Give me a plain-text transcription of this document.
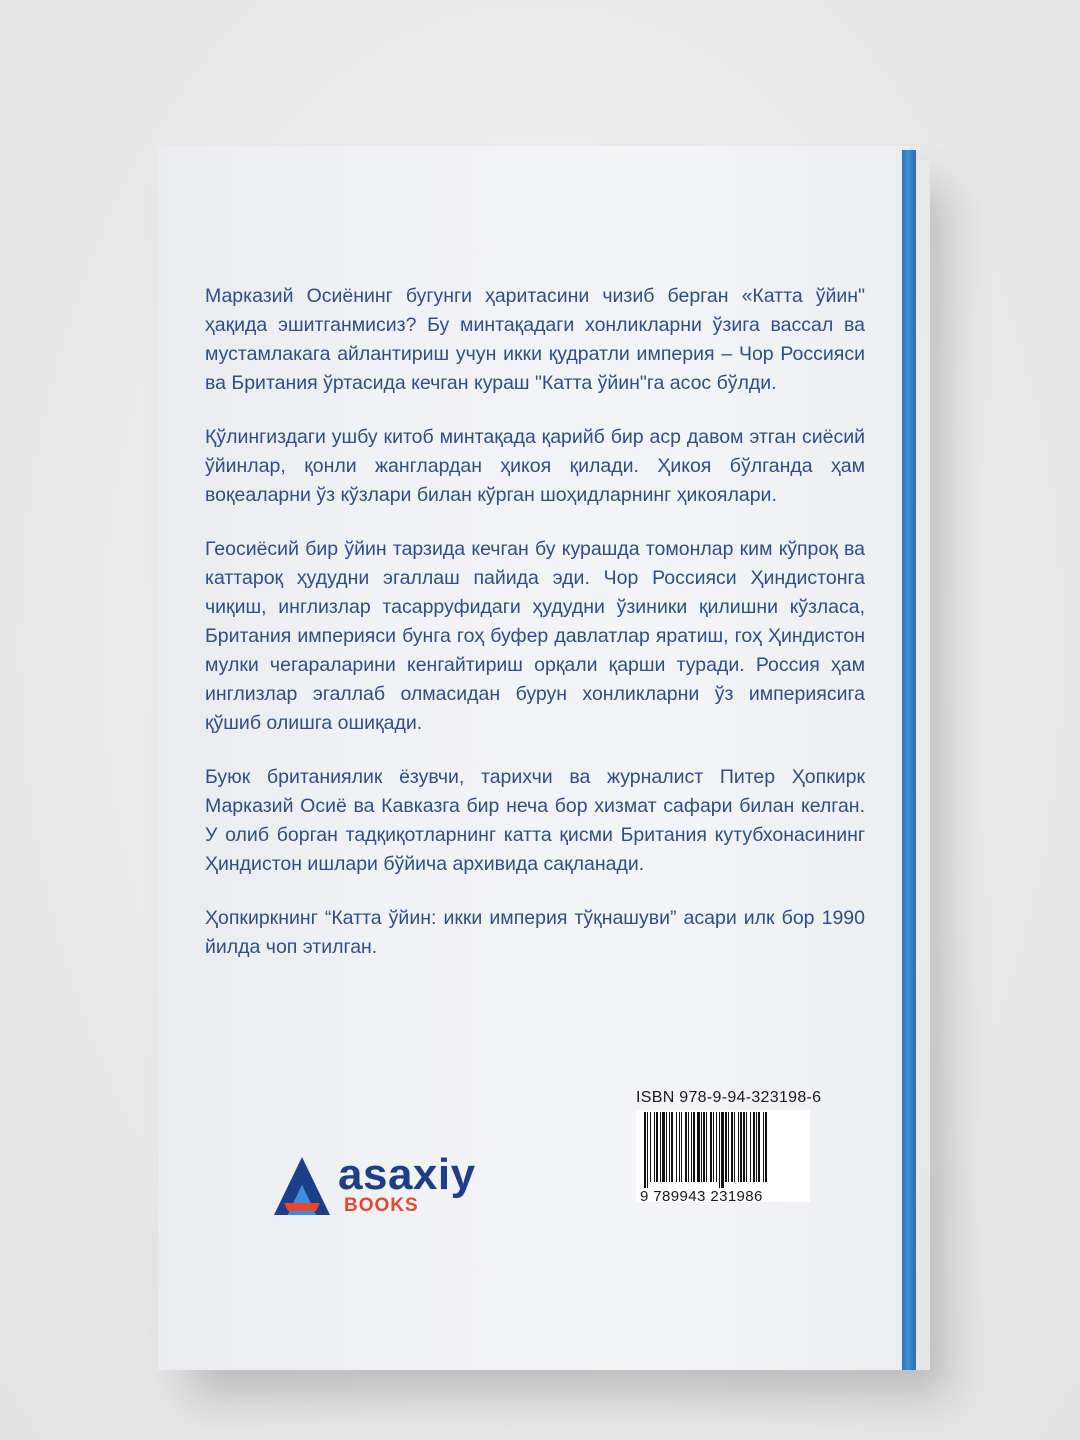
Марказий Осиёнинг бугунги ҳаритасини чизиб берган «Катта ўйин" ҳақида эшитганмисиз? Бу минтақадаги хонликларни ўзига вассал ва мустамлакага айлантириш учун икки қудратли империя – Чор Россияси ва Британия ўртасида кечган кураш "Катта ўйин"га асос бўлди.

Қўлингиздаги ушбу китоб минтақада қарийб бир аср давом этган сиёсий ўйинлар, қонли жанглардан ҳикоя қилади. Ҳикоя бўлганда ҳам воқеаларни ўз кўзлари билан кўрган шоҳидларнинг ҳикоялари.

Геосиёсий бир ўйин тарзида кечган бу курашда томонлар ким кўпроқ ва каттароқ ҳудудни эгаллаш пайида эди. Чор Россияси Ҳиндистонга чиқиш, инглизлар тасарруфидаги ҳудудни ўзиники қилишни кўзласа, Британия империяси бунга гоҳ буфер давлатлар яратиш, гоҳ Ҳиндистон мулки чегараларини кенгайтириш орқали қарши туради. Россия ҳам инглизлар эгаллаб олмасидан бурун хонликларни ўз империясига қўшиб олишга ошиқади.

Буюк британиялик ёзувчи, тарихчи ва журналист Питер Ҳопкирк Марказий Осиё ва Кавказга бир неча бор хизмат сафари билан келган. У олиб борган тадқиқотларнинг катта қисми Британия кутубхонасининг Ҳиндистон ишлари бўйича архивида сақланади.

Ҳопкиркнинг “Катта ўйин: икки империя тўқнашуви” асари илк бор 1990 йилда чоп этилган.

asaxiy
BOOKS
ISBN 978-9-94-323198-6
9 789943 231986
